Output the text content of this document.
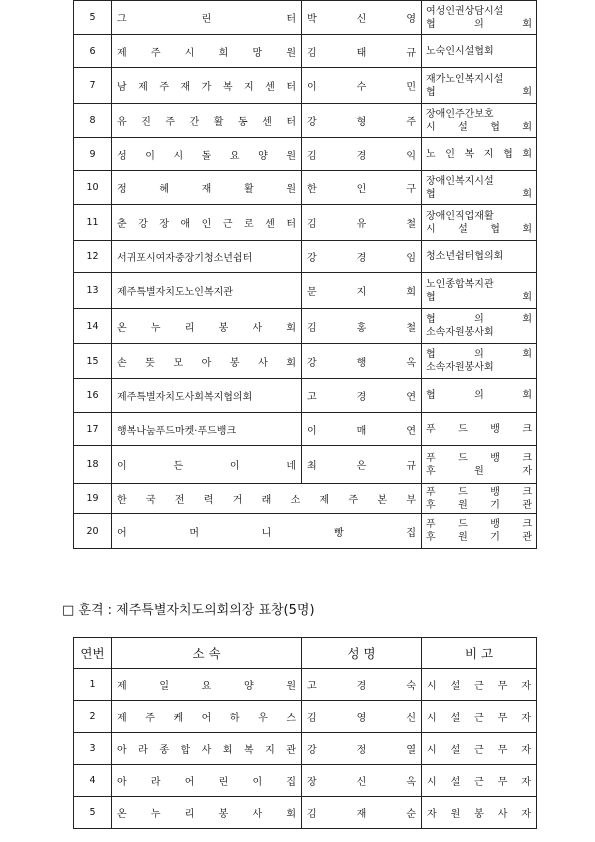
5	그 린 터	박 신 영	여성인권상담시설
협 의 회

6	제 주 시 희 망 원	김 태 규	노숙인시설협회

7	남 제 주 재 가 복 지 센 터	이 수 민	재가노인복지시설
협 회

8	유 진 주 간 활 동 센 터	강 형 주	장애인주간보호
시 설 협 회

9	성 이 시 돌 요 양 원	김 경 익	노 인 복 지 협 회

10	정 혜 재 활 원	한 인 구	장애인복지시설
협 회

11	춘 강 장 애 인 근 로 센 터	김 유 철	장애인직업재활
시 설 협 회

12	서귀포시여자중장기청소년쉼터	강 경 임	청소년쉼터협의회

13	제주특별자치도노인복지관	문 지 희	노인종합복지관
협 회

14	온 누 리 봉 사 회	김 홍 철	협 의 회
소속자원봉사회

15	손 뜻 모 아 봉 사 회	강 행 옥	협 의 회
소속자원봉사회

16	제주특별자치도사회복지협의회	고 경 연	협 의 회

17	행복나눔푸드마켓·푸드뱅크	이 매 연	푸 드 뱅 크

18	이 든 이 네	최 은 규	푸 드 뱅 크
후 원 자

19	한 국 전 력 거 래 소 제 주 본 부		푸 드 뱅 크
후 원 기 관

20	어 머 니 빵 집		푸 드 뱅 크
후 원 기 관
□ 훈격 : 제주특별자치도의회의장 표창(5명)
연번	소 속	성 명	비 고
1	제 일 요 양 원	고 경 숙	시 설 근 무 자
2	제 주 케 어 하 우 스	김 영 신	시 설 근 무 자
3	아 라 종 합 사 회 복 지 관	강 정 열	시 설 근 무 자
4	아 라 어 린 이 집	장 신 옥	시 설 근 무 자
5	온 누 리 봉 사 회	김 재 순	자 원 봉 사 자
